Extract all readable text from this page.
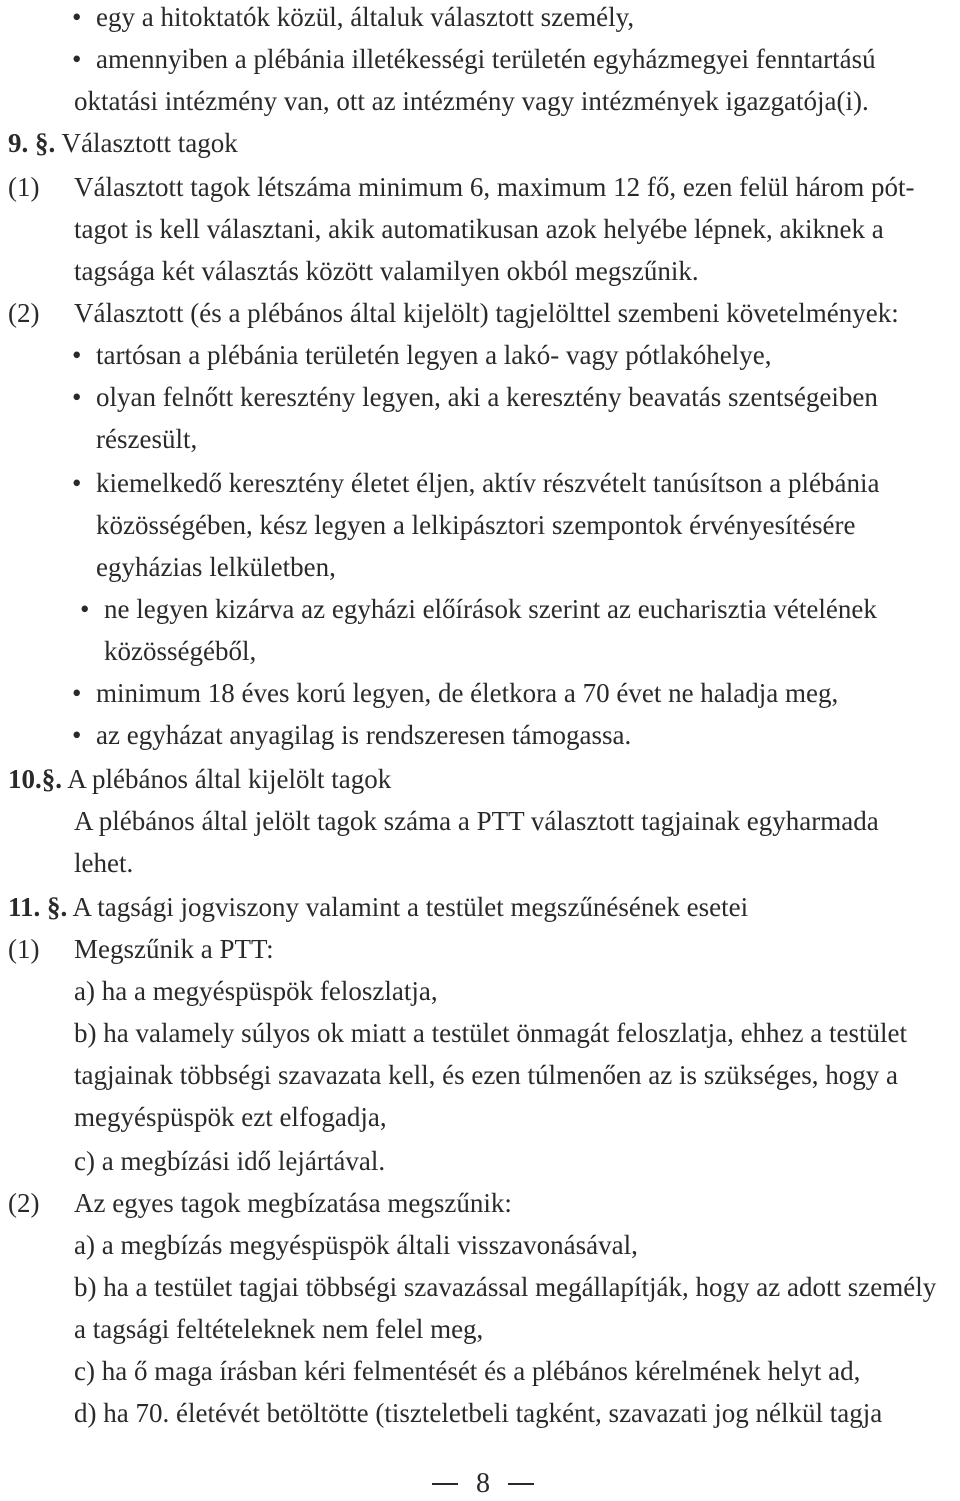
• egy a hitoktatók közül, általuk választott személy,
• amennyiben a plébánia illetékességi területén egyházmegyei fenntartású
oktatási intézmény van, ott az intézmény vagy intézmények igazgatója(i).
9. §. Választott tagok
(1) Választott tagok létszáma minimum 6, maximum 12 fő, ezen felül három pót-
tagot is kell választani, akik automatikusan azok helyébe lépnek, akiknek a
tagsága két választás között valamilyen okból megszűnik.
(2) Választott (és a plébános által kijelölt) tagjelölttel szembeni követelmények:
• tartósan a plébánia területén legyen a lakó- vagy pótlakóhelye,
• olyan felnőtt keresztény legyen, aki a keresztény beavatás szentségeiben
részesült,
• kiemelkedő keresztény életet éljen, aktív részvételt tanúsítson a plébánia
közösségében, kész legyen a lelkipásztori szempontok érvényesítésére
egyházias lelkületben,
• ne legyen kizárva az egyházi előírások szerint az eucharisztia vételének
közösségéből,
• minimum 18 éves korú legyen, de életkora a 70 évet ne haladja meg,
• az egyházat anyagilag is rendszeresen támogassa.
10.§. A plébános által kijelölt tagok
A plébános által jelölt tagok száma a PTT választott tagjainak egyharmada
lehet.
11. §. A tagsági jogviszony valamint a testület megszűnésének esetei
(1) Megszűnik a PTT:
a) ha a megyéspüspök feloszlatja,
b) ha valamely súlyos ok miatt a testület önmagát feloszlatja, ehhez a testület
tagjainak többségi szavazata kell, és ezen túlmenően az is szükséges, hogy a
megyéspüspök ezt elfogadja,
c) a megbízási idő lejártával.
(2) Az egyes tagok megbízatása megszűnik:
a) a megbízás megyéspüspök általi visszavonásával,
b) ha a testület tagjai többségi szavazással megállapítják, hogy az adott személy
a tagsági feltételeknek nem felel meg,
c) ha ő maga írásban kéri felmentését és a plébános kérelmének helyt ad,
d) ha 70. életévét betöltötte (tiszteletbeli tagként, szavazati jog nélkül tagja
8
